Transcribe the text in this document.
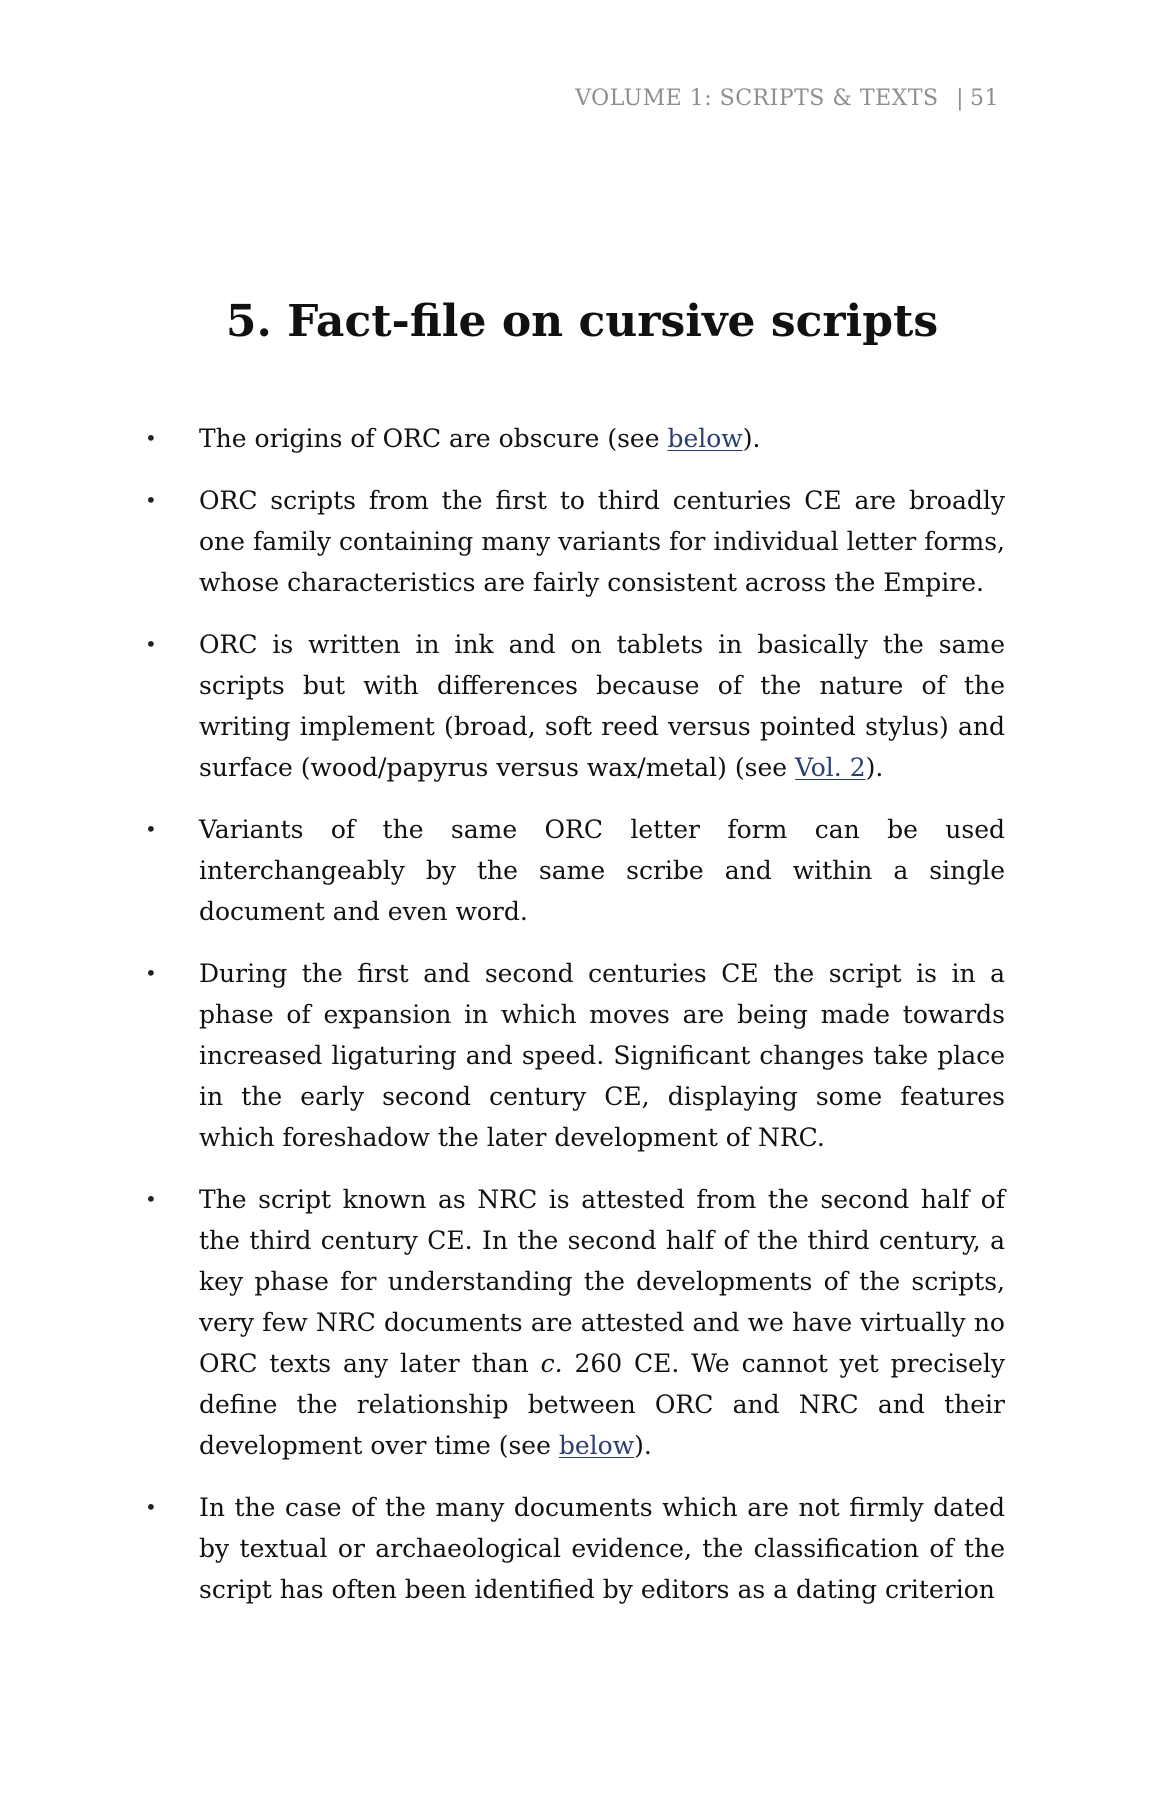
VOLUME 1: SCRIPTS & TEXTS | 51
5. Fact-file on cursive scripts
• The origins of ORC are obscure (see below).
• ORC scripts from the first to third centuries CE are broadly one family containing many variants for individual letter forms, whose characteristics are fairly consistent across the Empire.
• ORC is written in ink and on tablets in basically the same scripts but with differences because of the nature of the writing implement (broad, soft reed versus pointed stylus) and surface (wood/papyrus versus wax/metal) (see Vol. 2).
• Variants of the same ORC letter form can be used interchangeably by the same scribe and within a single document and even word.
• During the first and second centuries CE the script is in a phase of expansion in which moves are being made towards increased ligaturing and speed. Significant changes take place in the early second century CE, displaying some features which foreshadow the later development of NRC.
• The script known as NRC is attested from the second half of the third century CE. In the second half of the third century, a key phase for understanding the developments of the scripts, very few NRC documents are attested and we have virtually no ORC texts any later than c. 260 CE. We cannot yet precisely define the relationship between ORC and NRC and their development over time (see below).
• In the case of the many documents which are not firmly dated by textual or archaeological evidence, the classification of the script has often been identified by editors as a dating criterion
